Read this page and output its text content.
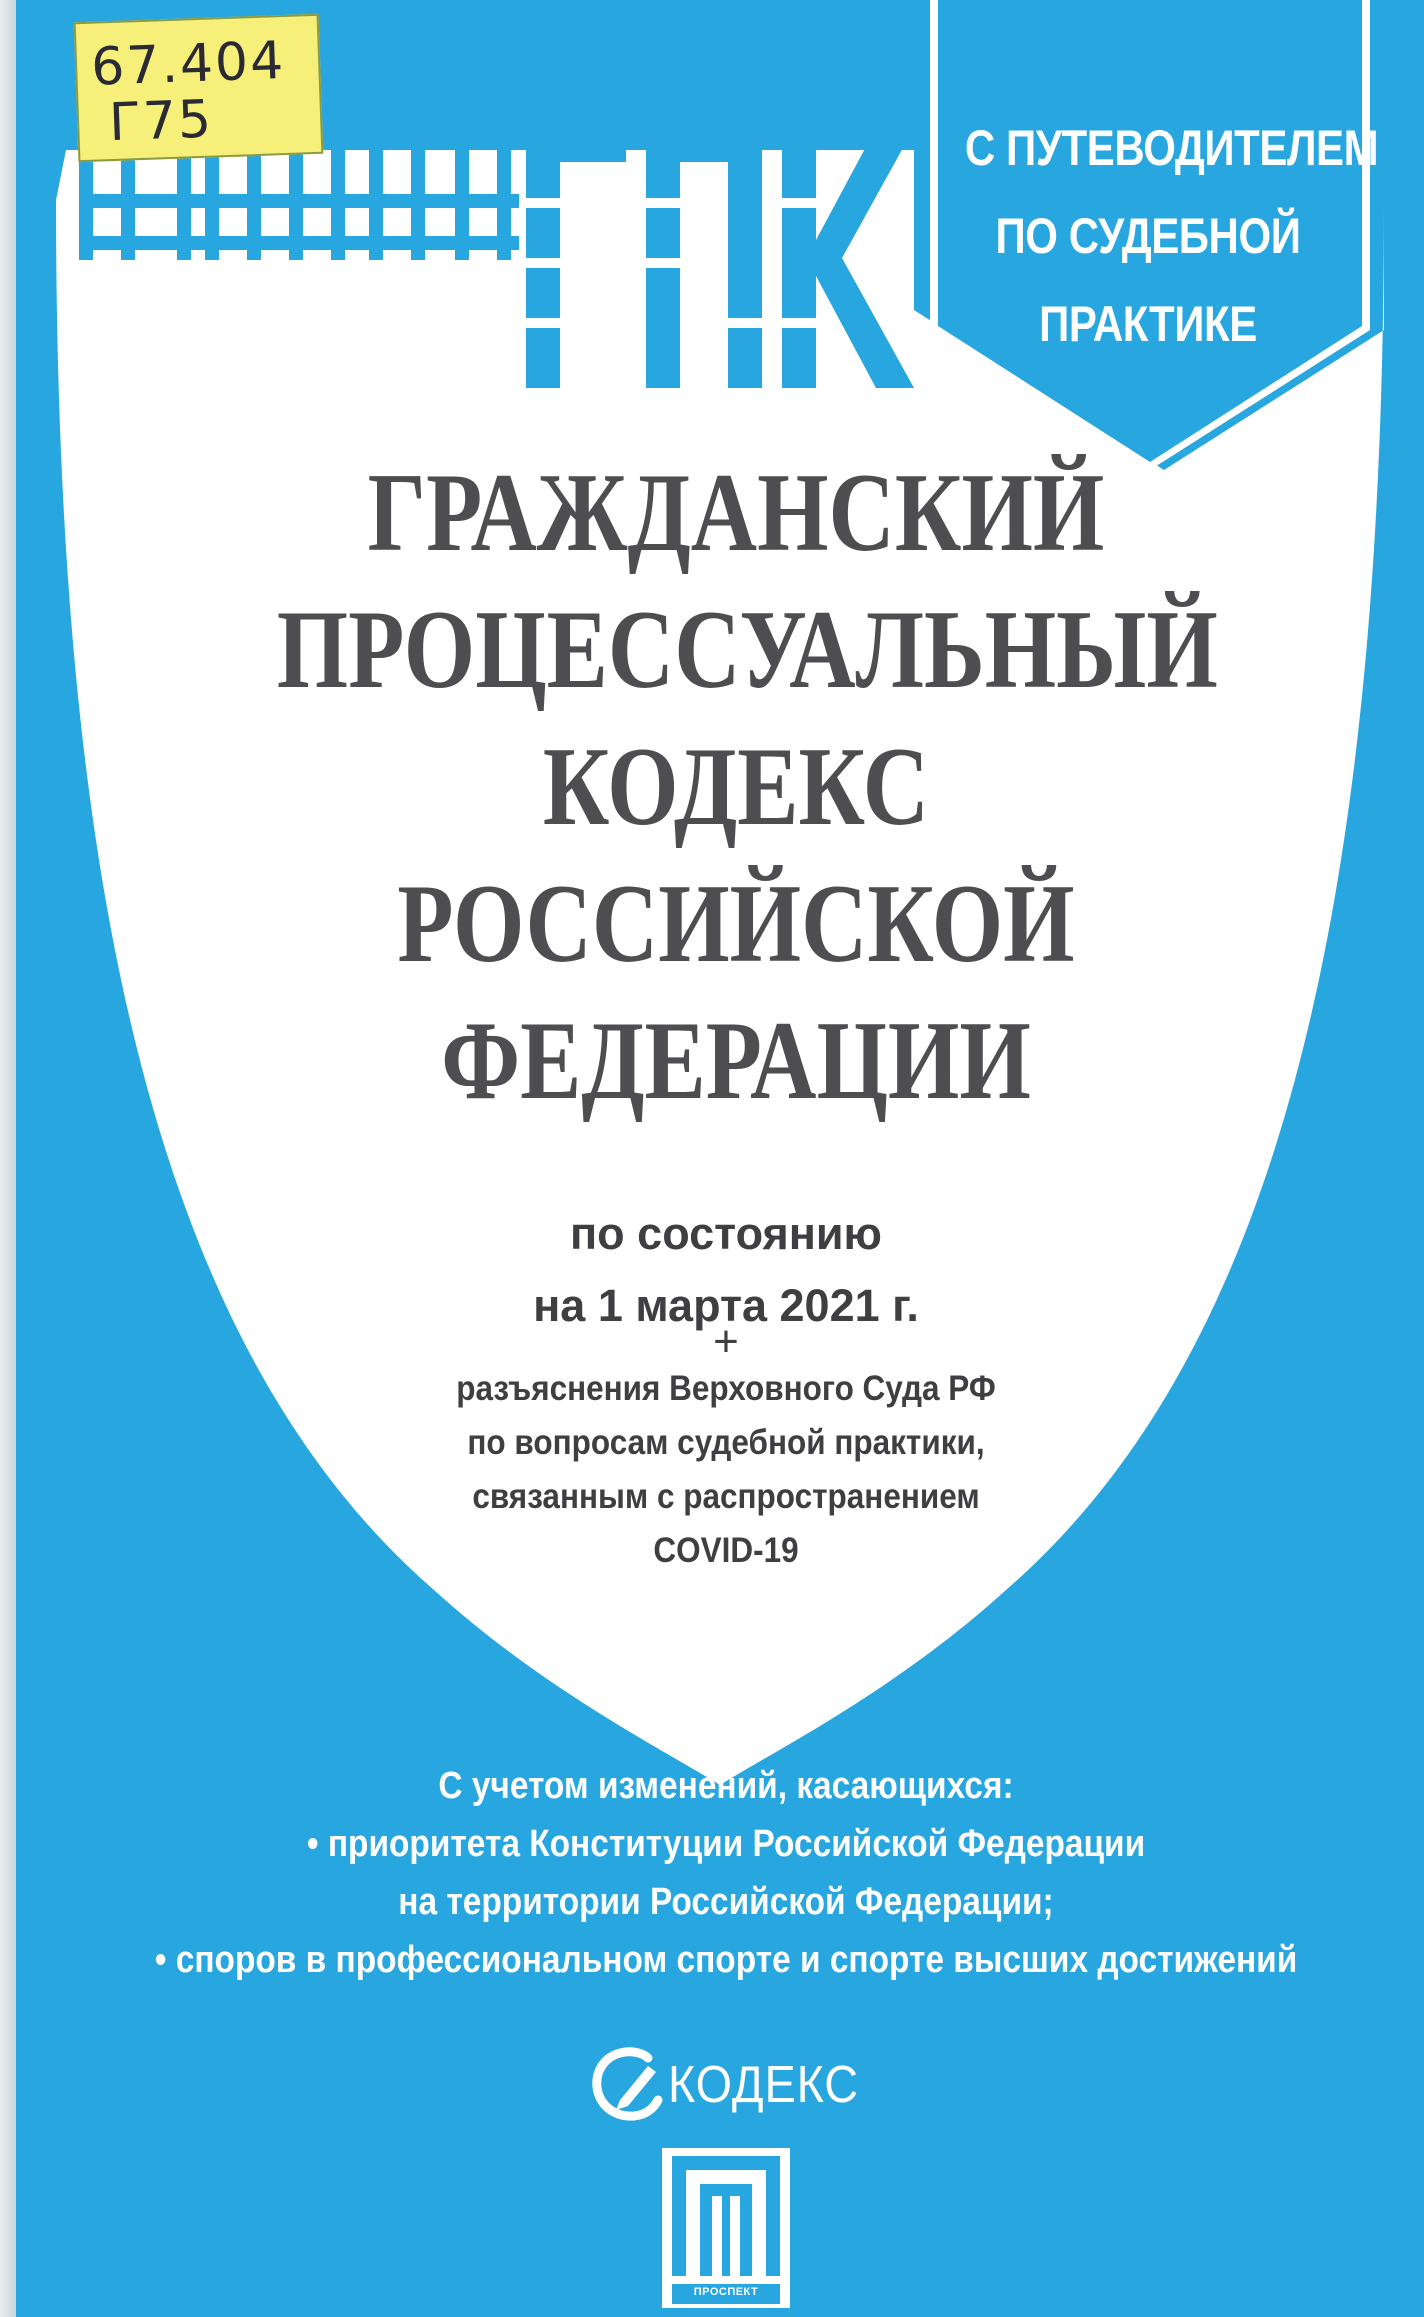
67.404
Г75	С ПУТЕВОДИТЕЛЕМ
ПО СУДЕБНОЙ
ПРАКТИКЕ
ГРАЖДАНСКИЙ
ПРОЦЕССУАЛЬНЫЙ
КОДЕКС
РОССИЙСКОЙ
ФЕДЕРАЦИИ
по состоянию
на 1 марта 2021 г.
+
разъяснения Верховного Суда РФ
по вопросам судебной практики,
связанным с распространением
COVID-19
С учетом изменений, касающихся:
• приоритета Конституции Российской Федерации
на территории Российской Федерации;
• споров в профессиональном спорте и спорте высших достижений
КОДЕКС
ПРОСПЕКТ
